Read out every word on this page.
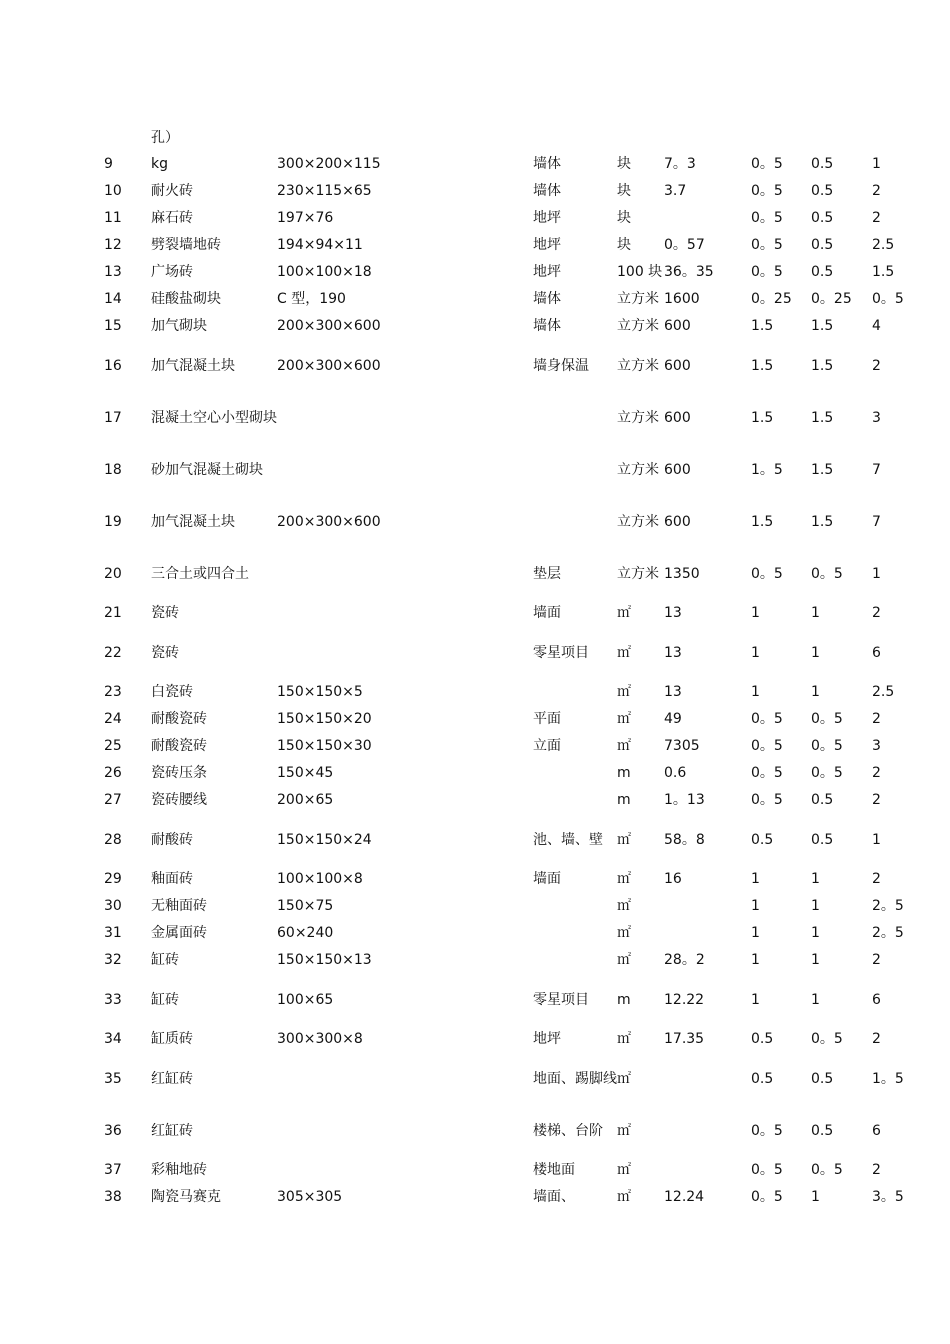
孔）
9	kg	300×200×115	墙体	块	7。3	0。5	0.5	1
10	耐火砖	230×115×65	墙体	块	3.7	0。5	0.5	2
11	麻石砖	197×76	地坪	块		0。5	0.5	2
12	劈裂墙地砖	194×94×11	地坪	块	0。57	0。5	0.5	2.5
13	广场砖	100×100×18	地坪	100 块	36。35	0。5	0.5	1.5
14	硅酸盐砌块	C 型，190	墙体	立方米	1600	0。25	0。25	0。5
15	加气砌块	200×300×600	墙体	立方米	600	1.5	1.5	4
16	加气混凝土块	200×300×600	墙身保温	立方米	600	1.5	1.5	2
17	混凝土空心小型砌块			立方米	600	1.5	1.5	3
18	砂加气混凝土砌块			立方米	600	1。5	1.5	7
19	加气混凝土块	200×300×600		立方米	600	1.5	1.5	7
20	三合土或四合土		垫层	立方米	1350	0。5	0。5	1
21	瓷砖		墙面	㎡	13	1	1	2
22	瓷砖		零星项目	㎡	13	1	1	6
23	白瓷砖	150×150×5		㎡	13	1	1	2.5
24	耐酸瓷砖	150×150×20	平面	㎡	49	0。5	0。5	2
25	耐酸瓷砖	150×150×30	立面	㎡	7305	0。5	0。5	3
26	瓷砖压条	150×45		m	0.6	0。5	0。5	2
27	瓷砖腰线	200×65		m	1。13	0。5	0.5	2
28	耐酸砖	150×150×24	池、墙、壁	㎡	58。8	0.5	0.5	1
29	釉面砖	100×100×8	墙面	㎡	16	1	1	2
30	无釉面砖	150×75		㎡		1	1	2。5
31	金属面砖	60×240		㎡		1	1	2。5
32	缸砖	150×150×13		㎡	28。2	1	1	2
33	缸砖	100×65	零星项目	m	12.22	1	1	6
34	缸质砖	300×300×8	地坪	㎡	17.35	0.5	0。5	2
35	红缸砖		地面、踢脚线	㎡		0.5	0.5	1。5
36	红缸砖		楼梯、台阶	㎡		0。5	0.5	6
37	彩釉地砖		楼地面	㎡		0。5	0。5	2
38	陶瓷马赛克	305×305	墙面、	㎡	12.24	0。5	1	3。5
